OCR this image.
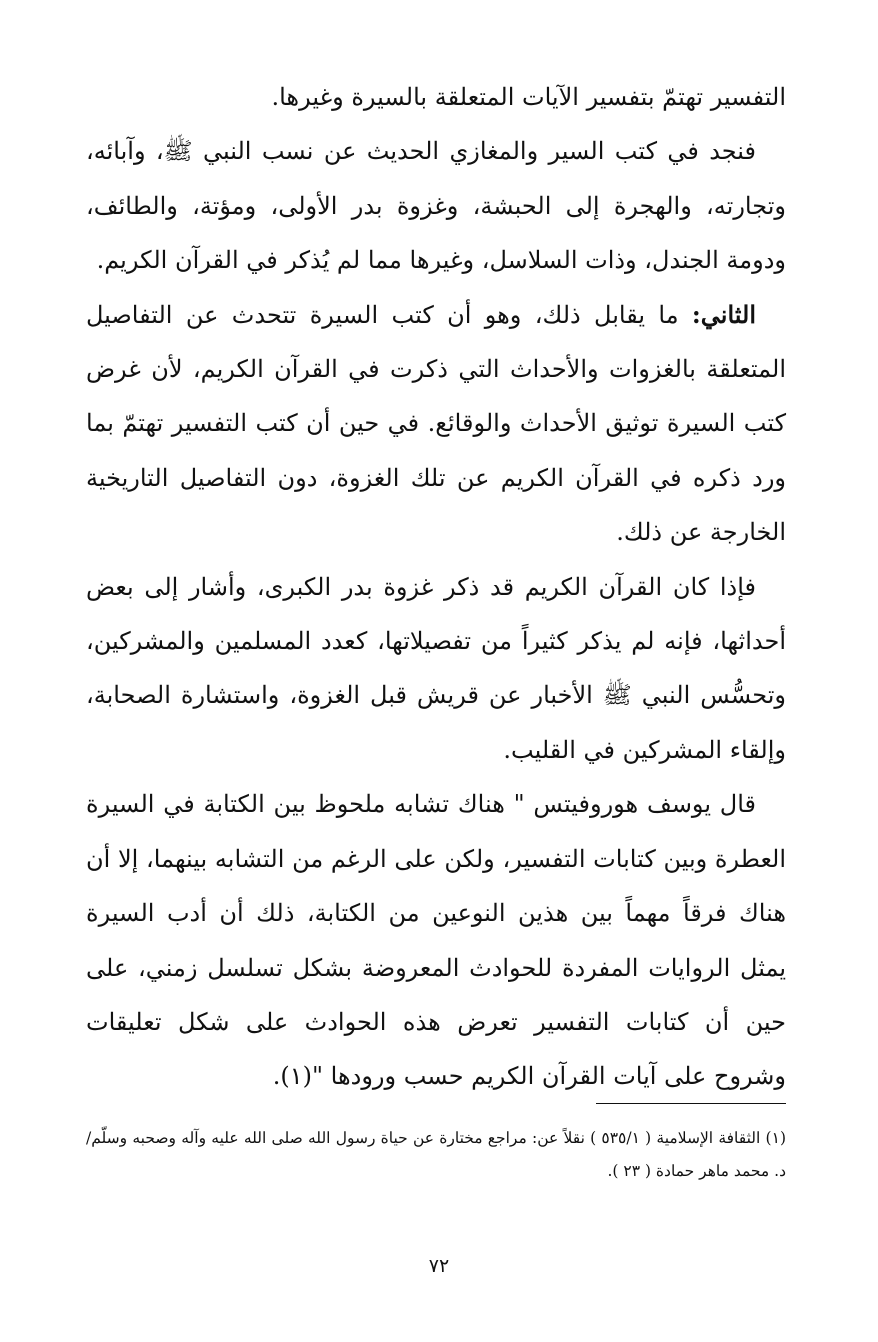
التفسير تهتمّ بتفسير الآيات المتعلقة بالسيرة وغيرها.

فنجد في كتب السير والمغازي الحديث عن نسب النبي ﷺ، وآبائه، وتجارته، والهجرة إلى الحبشة، وغزوة بدر الأولى، ومؤتة، والطائف، ودومة الجندل، وذات السلاسل، وغيرها مما لم يُذكر في القرآن الكريم.

الثاني: ما يقابل ذلك، وهو أن كتب السيرة تتحدث عن التفاصيل المتعلقة بالغزوات والأحداث التي ذكرت في القرآن الكريم، لأن غرض كتب السيرة توثيق الأحداث والوقائع. في حين أن كتب التفسير تهتمّ بما ورد ذكره في القرآن الكريم عن تلك الغزوة، دون التفاصيل التاريخية الخارجة عن ذلك.

فإذا كان القرآن الكريم قد ذكر غزوة بدر الكبرى، وأشار إلى بعض أحداثها، فإنه لم يذكر كثيراً من تفصيلاتها، كعدد المسلمين والمشركين، وتحسُّس النبي ﷺ الأخبار عن قريش قبل الغزوة، واستشارة الصحابة، وإلقاء المشركين في القليب.

قال يوسف هوروفيتس " هناك تشابه ملحوظ بين الكتابة في السيرة العطرة وبين كتابات التفسير، ولكن على الرغم من التشابه بينهما، إلا أن هناك فرقاً مهماً بين هذين النوعين من الكتابة، ذلك أن أدب السيرة يمثل الروايات المفردة للحوادث المعروضة بشكل تسلسل زمني، على حين أن كتابات التفسير تعرض هذه الحوادث على شكل تعليقات وشروح على آيات القرآن الكريم حسب ورودها "(١).

(١) الثقافة الإسلامية ( ٥٣٥/١ ) نقلاً عن: مراجع مختارة عن حياة رسول الله صلى الله عليه وآله وصحبه وسلّم/د. محمد ماهر حمادة ( ٢٣ ).

٧٢
